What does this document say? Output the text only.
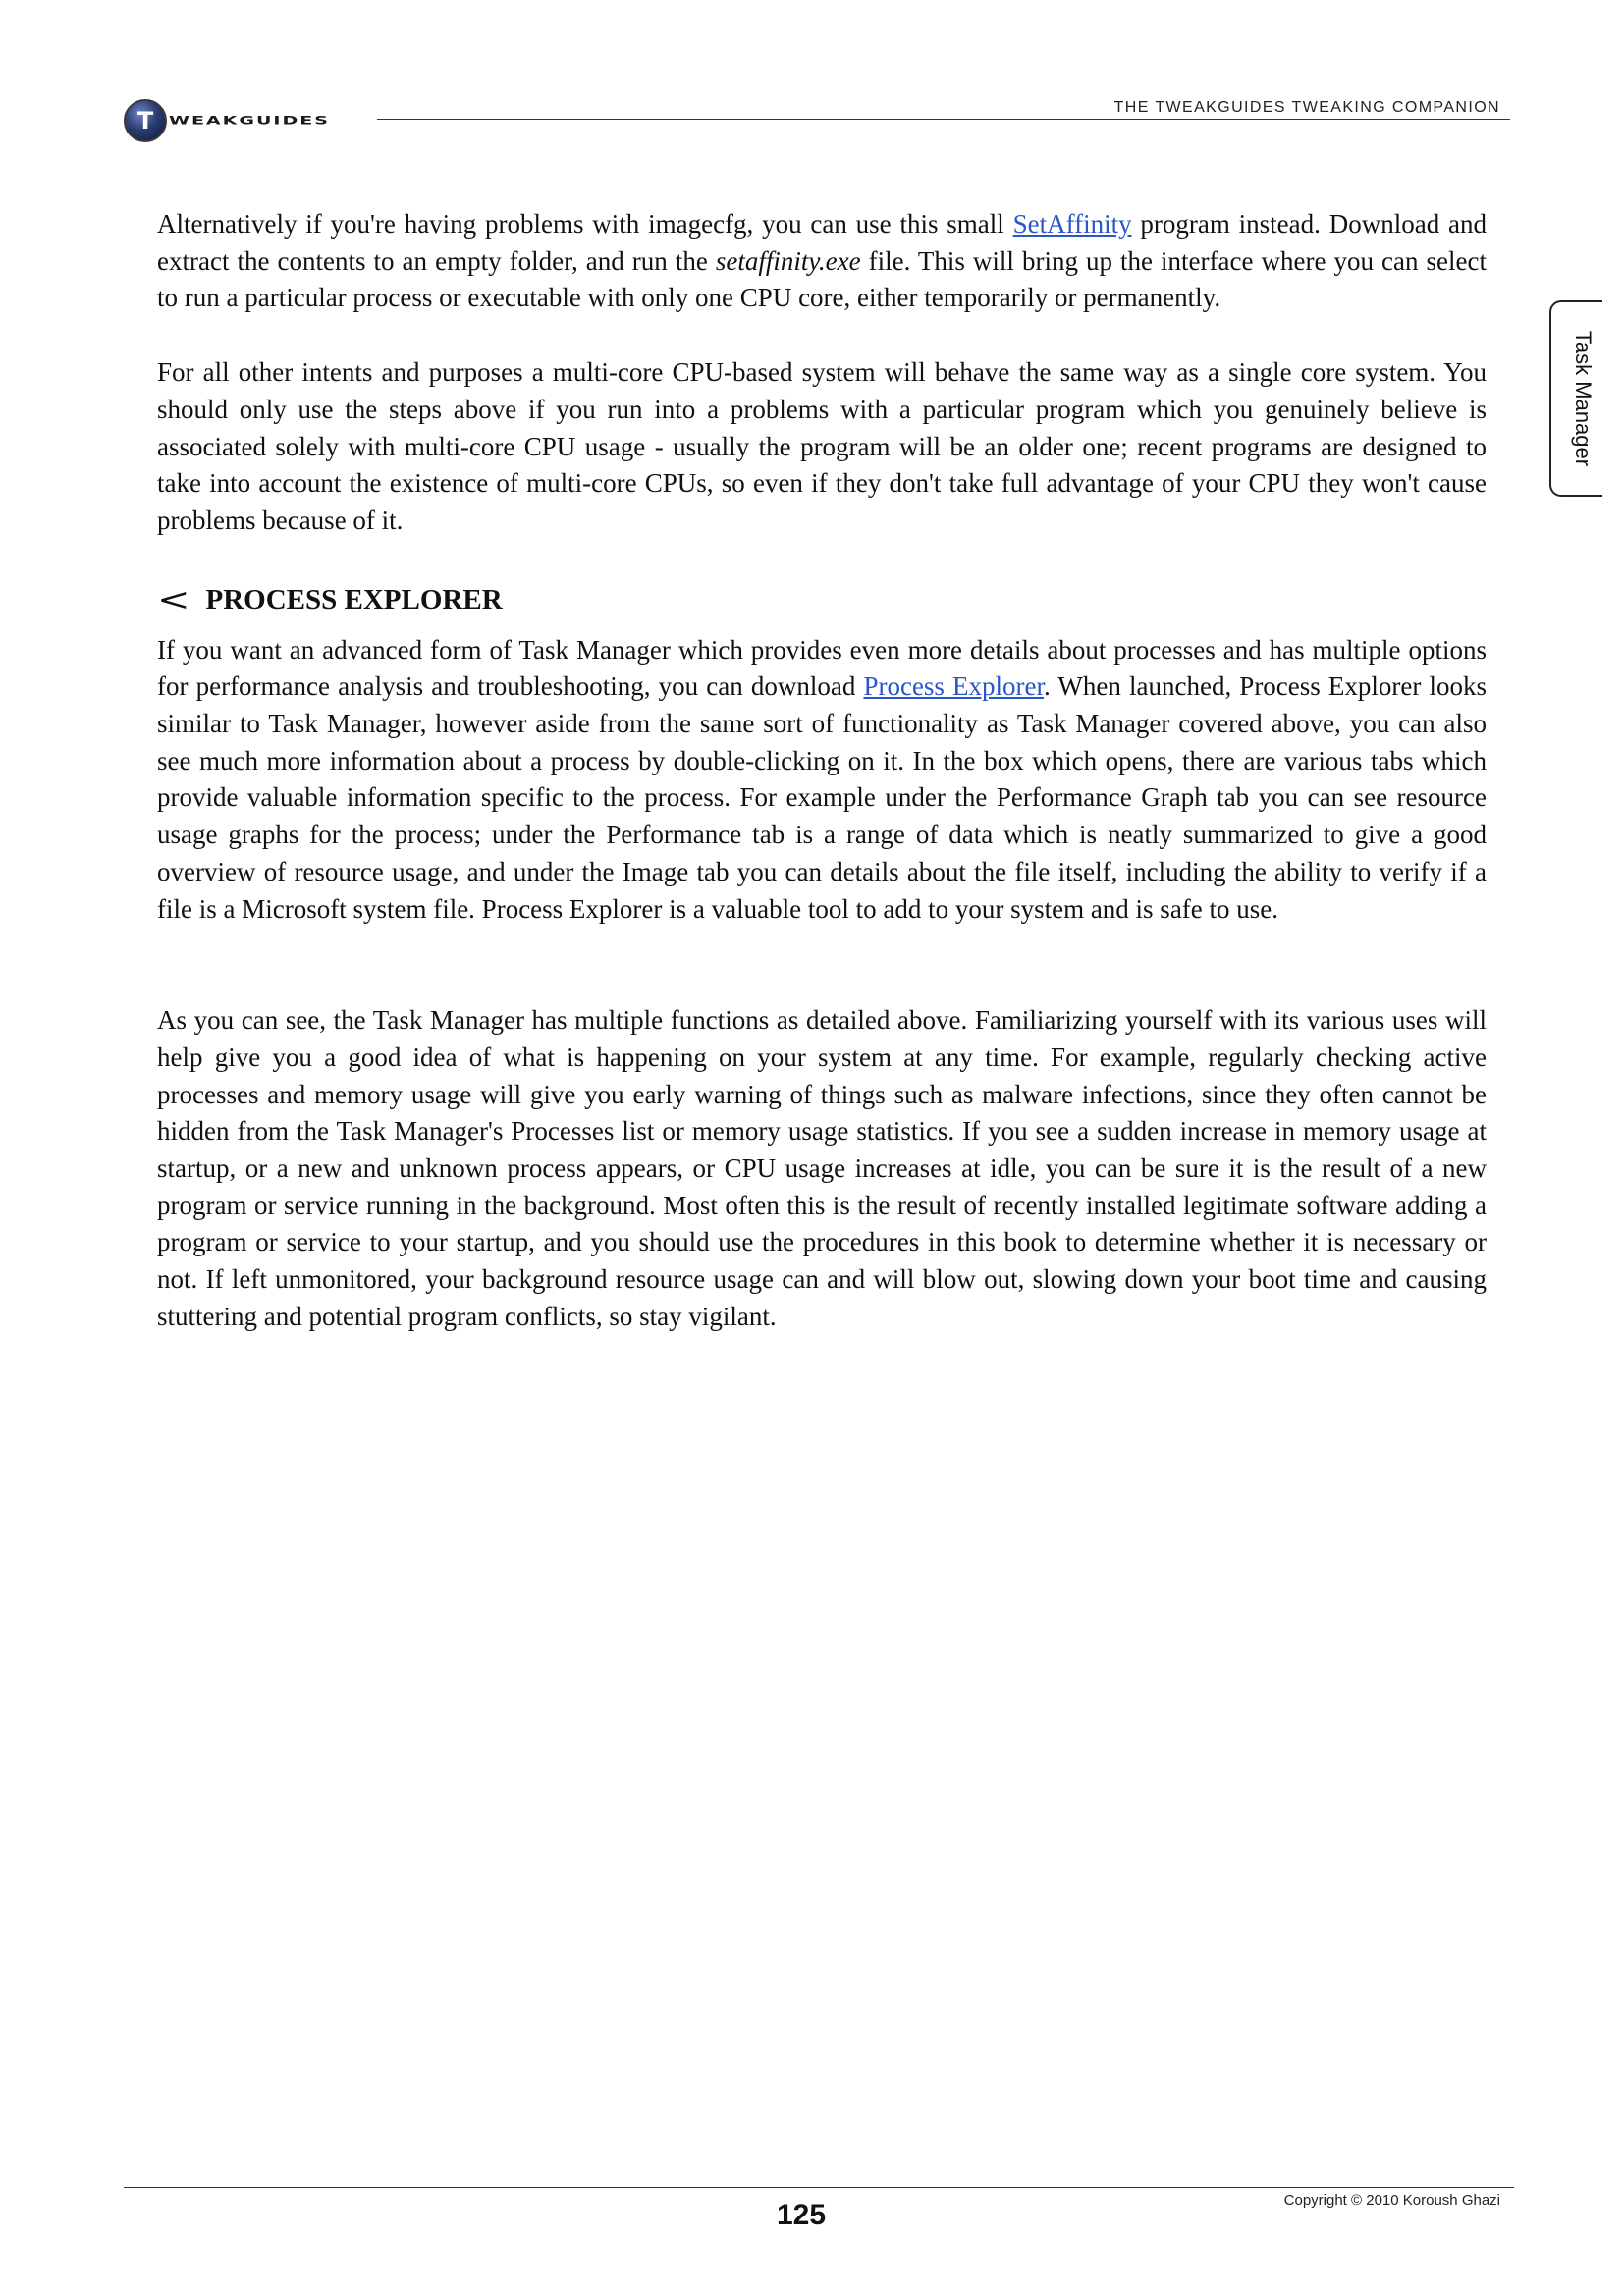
T WEAKGUIDES
THE TWEAKGUIDES TWEAKING COMPANION
Task Manager

Alternatively if you're having problems with imagecfg, you can use this small SetAffinity program instead. Download and extract the contents to an empty folder, and run the setaffinity.exe file. This will bring up the interface where you can select to run a particular process or executable with only one CPU core, either temporarily or permanently.

For all other intents and purposes a multi-core CPU-based system will behave the same way as a single core system. You should only use the steps above if you run into a problems with a particular program which you genuinely believe is associated solely with multi-core CPU usage - usually the program will be an older one; recent programs are designed to take into account the existence of multi-core CPUs, so even if they don't take full advantage of your CPU they won't cause problems because of it.

< PROCESS EXPLORER

If you want an advanced form of Task Manager which provides even more details about processes and has multiple options for performance analysis and troubleshooting, you can download Process Explorer. When launched, Process Explorer looks similar to Task Manager, however aside from the same sort of functionality as Task Manager covered above, you can also see much more information about a process by double-clicking on it. In the box which opens, there are various tabs which provide valuable information specific to the process. For example under the Performance Graph tab you can see resource usage graphs for the process; under the Performance tab is a range of data which is neatly summarized to give a good overview of resource usage, and under the Image tab you can details about the file itself, including the ability to verify if a file is a Microsoft system file. Process Explorer is a valuable tool to add to your system and is safe to use.

As you can see, the Task Manager has multiple functions as detailed above. Familiarizing yourself with its various uses will help give you a good idea of what is happening on your system at any time. For example, regularly checking active processes and memory usage will give you early warning of things such as malware infections, since they often cannot be hidden from the Task Manager's Processes list or memory usage statistics. If you see a sudden increase in memory usage at startup, or a new and unknown process appears, or CPU usage increases at idle, you can be sure it is the result of a new program or service running in the background. Most often this is the result of recently installed legitimate software adding a program or service to your startup, and you should use the procedures in this book to determine whether it is necessary or not. If left unmonitored, your background resource usage can and will blow out, slowing down your boot time and causing stuttering and potential program conflicts, so stay vigilant.

125	Copyright © 2010 Koroush Ghazi
